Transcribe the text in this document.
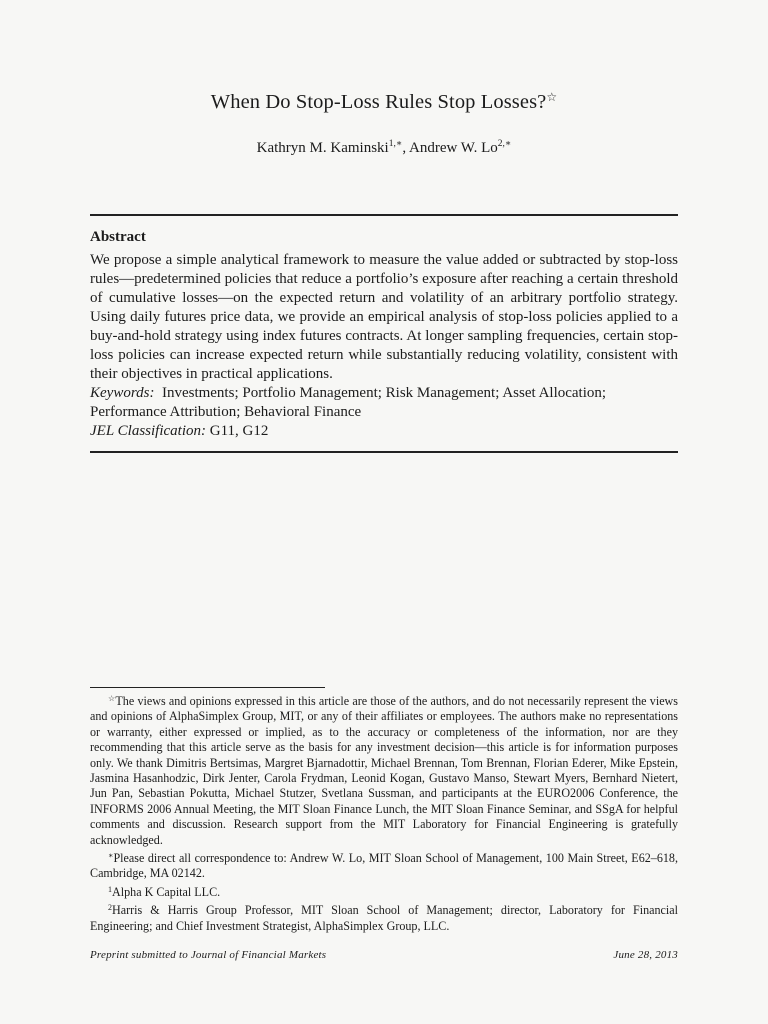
When Do Stop-Loss Rules Stop Losses?☆
Kathryn M. Kaminski$^{1,∗}$, Andrew W. $Lo^{2,∗}$
Abstract
We propose a simple analytical framework to measure the value added or subtracted by stop-loss rules—predetermined policies that reduce a portfolio’s exposure after reaching a certain threshold of cumulative losses—on the expected return and volatility of an arbitrary portfolio strategy. Using daily futures price data, we provide an empirical analysis of stop-loss policies applied to a buy-and-hold strategy using index futures contracts. At longer sampling frequencies, certain stop-loss policies can increase expected return while substantially reducing volatility, consistent with their objectives in practical applications.
Keywords: Investments; Portfolio Management; Risk Management; Asset Allocation; Performance Attribution; Behavioral Finance
JEL Classification: G11, G12

☆The views and opinions expressed in this article are those of the authors, and do not necessarily represent the views and opinions of AlphaSimplex Group, MIT, or any of their affiliates or employees. The authors make no representations or warranty, either expressed or implied, as to the accuracy or completeness of the information, nor are they recommending that this article serve as the basis for any investment decision—this article is for information purposes only. We thank Dimitris Bertsimas, Margret Bjarnadottir, Michael Brennan, Tom Brennan, Florian Ederer, Mike Epstein, Jasmina Hasanhodzic, Dirk Jenter, Carola Frydman, Leonid Kogan, Gustavo Manso, Stewart Myers, Bernhard Nietert, Jun Pan, Sebastian Pokutta, Michael Stutzer, Svetlana Sussman, and participants at the EURO2006 Conference, the INFORMS 2006 Annual Meeting, the MIT Sloan Finance Lunch, the MIT Sloan Finance Seminar, and SSgA for helpful comments and discussion. Research support from the MIT Laboratory for Financial Engineering is gratefully acknowledged.

∗Please direct all correspondence to: Andrew W. Lo, MIT Sloan School of Management, 100 Main Street, E62–618, Cambridge, MA 02142.

$^1$Alpha K Capital LLC.

$^2$Harris & Harris Group Professor, MIT Sloan School of Management; director, Laboratory for Financial Engineering; and Chief Investment Strategist, AlphaSimplex Group, LLC.

Preprint submitted to Journal of Financial Markets	June 28, 2013
